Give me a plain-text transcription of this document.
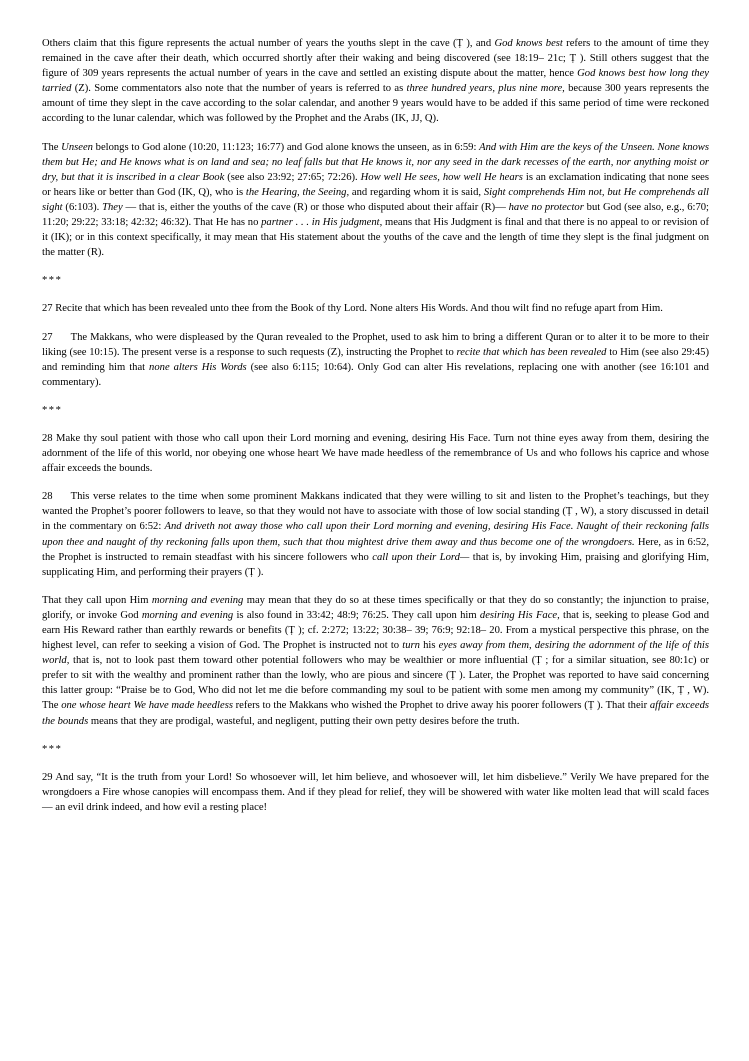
Others claim that this figure represents the actual number of years the youths slept in the cave (Ṭ ), and God knows best refers to the amount of time they remained in the cave after their death, which occurred shortly after their waking and being discovered (see 18:19– 21c; Ṭ ). Still others suggest that the figure of 309 years represents the actual number of years in the cave and settled an existing dispute about the matter, hence God knows best how long they tarried (Z). Some commentators also note that the number of years is referred to as three hundred years, plus nine more, because 300 years represents the amount of time they slept in the cave according to the solar calendar, and another 9 years would have to be added if this same period of time were reckoned according to the lunar calendar, which was followed by the Prophet and the Arabs (IK, JJ, Q).

The Unseen belongs to God alone (10:20, 11:123; 16:77) and God alone knows the unseen, as in 6:59: And with Him are the keys of the Unseen. None knows them but He; and He knows what is on land and sea; no leaf falls but that He knows it, nor any seed in the dark recesses of the earth, nor anything moist or dry, but that it is inscribed in a clear Book (see also 23:92; 27:65; 72:26). How well He sees, how well He hears is an exclamation indicating that none sees or hears like or better than God (IK, Q), who is the Hearing, the Seeing, and regarding whom it is said, Sight comprehends Him not, but He comprehends all sight (6:103). They — that is, either the youths of the cave (R) or those who disputed about their affair (R)— have no protector but God (see also, e.g., 6:70; 11:20; 29:22; 33:18; 42:32; 46:32). That He has no partner . . . in His judgment, means that His Judgment is final and that there is no appeal to or revision of it (IK); or in this context specifically, it may mean that His statement about the youths of the cave and the length of time they slept is the final judgment on the matter (R).

***

27 Recite that which has been revealed unto thee from the Book of thy Lord. None alters His Words. And thou wilt find no refuge apart from Him.

27 The Makkans, who were displeased by the Quran revealed to the Prophet, used to ask him to bring a different Quran or to alter it to be more to their liking (see 10:15). The present verse is a response to such requests (Z), instructing the Prophet to recite that which has been revealed to Him (see also 29:45) and reminding him that none alters His Words (see also 6:115; 10:64). Only God can alter His revelations, replacing one with another (see 16:101 and commentary).

***

28 Make thy soul patient with those who call upon their Lord morning and evening, desiring His Face. Turn not thine eyes away from them, desiring the adornment of the life of this world, nor obeying one whose heart We have made heedless of the remembrance of Us and who follows his caprice and whose affair exceeds the bounds.

28 This verse relates to the time when some prominent Makkans indicated that they were willing to sit and listen to the Prophet’s teachings, but they wanted the Prophet’s poorer followers to leave, so that they would not have to associate with those of low social standing (Ṭ , W), a story discussed in detail in the commentary on 6:52: And driveth not away those who call upon their Lord morning and evening, desiring His Face. Naught of their reckoning falls upon thee and naught of thy reckoning falls upon them, such that thou mightest drive them away and thus become one of the wrongdoers. Here, as in 6:52, the Prophet is instructed to remain steadfast with his sincere followers who call upon their Lord— that is, by invoking Him, praising and glorifying Him, supplicating Him, and performing their prayers (Ṭ ).

That they call upon Him morning and evening may mean that they do so at these times specifically or that they do so constantly; the injunction to praise, glorify, or invoke God morning and evening is also found in 33:42; 48:9; 76:25. They call upon him desiring His Face, that is, seeking to please God and earn His Reward rather than earthly rewards or benefits (Ṭ ); cf. 2:272; 13:22; 30:38– 39; 76:9; 92:18– 20. From a mystical perspective this phrase, on the highest level, can refer to seeking a vision of God. The Prophet is instructed not to turn his eyes away from them, desiring the adornment of the life of this world, that is, not to look past them toward other potential followers who may be wealthier or more influential (Ṭ ; for a similar situation, see 80:1c) or prefer to sit with the wealthy and prominent rather than the lowly, who are pious and sincere (Ṭ ). Later, the Prophet was reported to have said concerning this latter group: “Praise be to God, Who did not let me die before commanding my soul to be patient with some men among my community” (IK, Ṭ , W). The one whose heart We have made heedless refers to the Makkans who wished the Prophet to drive away his poorer followers (Ṭ ). That their affair exceeds the bounds means that they are prodigal, wasteful, and negligent, putting their own petty desires before the truth.

***

29 And say, “It is the truth from your Lord! So whosoever will, let him believe, and whosoever will, let him disbelieve.” Verily We have prepared for the wrongdoers a Fire whose canopies will encompass them. And if they plead for relief, they will be showered with water like molten lead that will scald faces— an evil drink indeed, and how evil a resting place!
